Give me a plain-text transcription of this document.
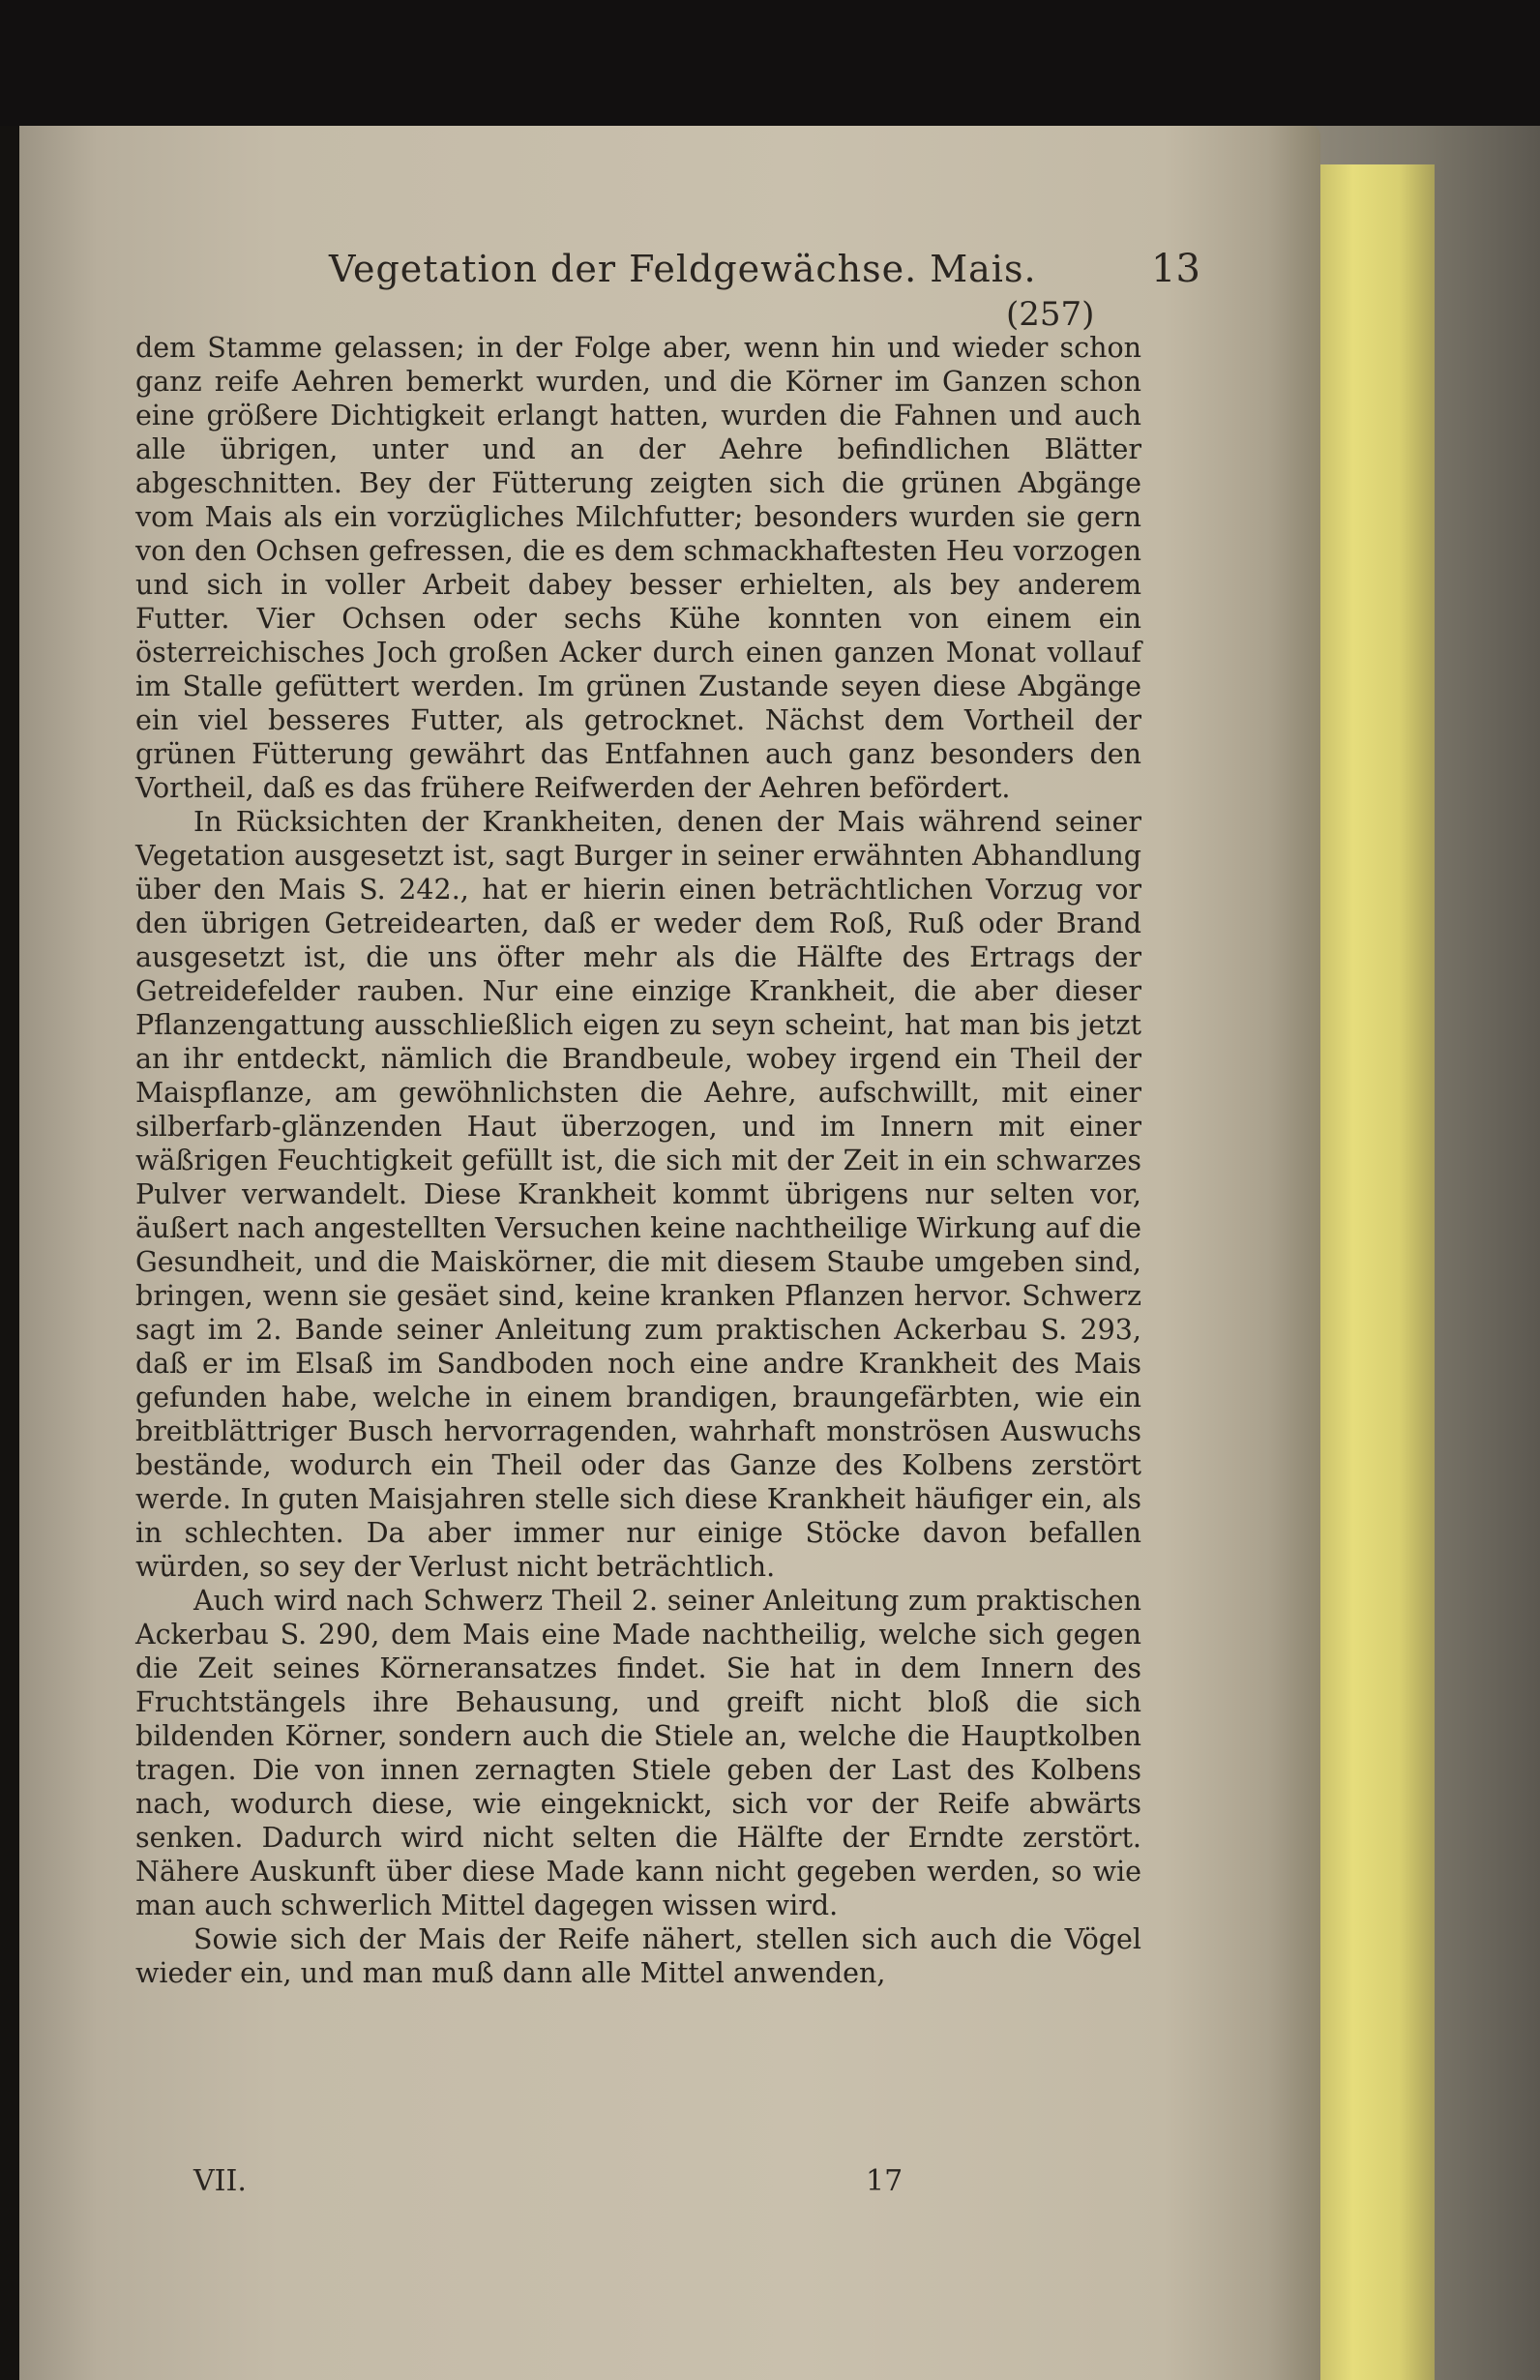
Vegetation der Feldgewächse. Mais.	13
(257)

dem Stamme gelassen; in der Folge aber, wenn hin und wieder schon ganz reife Aehren bemerkt wurden, und die Körner im Ganzen schon eine größere Dichtigkeit erlangt hatten, wurden die Fahnen und auch alle übrigen, unter und an der Aehre befindlichen Blätter abgeschnitten. Bey der Fütterung zeigten sich die grünen Abgänge vom Mais als ein vorzügliches Milchfutter; besonders wurden sie gern von den Ochsen gefressen, die es dem schmackhaftesten Heu vorzogen und sich in voller Arbeit dabey besser erhielten, als bey anderem Futter. Vier Ochsen oder sechs Kühe konnten von einem ein österreichisches Joch großen Acker durch einen ganzen Monat vollauf im Stalle gefüttert werden. Im grünen Zustande seyen diese Abgänge ein viel besseres Futter, als getrocknet. Nächst dem Vortheil der grünen Fütterung gewährt das Entfahnen auch ganz besonders den Vortheil, daß es das frühere Reifwerden der Aehren befördert.

In Rücksichten der Krankheiten, denen der Mais während seiner Vegetation ausgesetzt ist, sagt Burger in seiner erwähnten Abhandlung über den Mais S. 242., hat er hierin einen beträchtlichen Vorzug vor den übrigen Getreidearten, daß er weder dem Roß, Ruß oder Brand ausgesetzt ist, die uns öfter mehr als die Hälfte des Ertrags der Getreidefelder rauben. Nur eine einzige Krankheit, die aber dieser Pflanzengattung ausschließlich eigen zu seyn scheint, hat man bis jetzt an ihr entdeckt, nämlich die Brandbeule, wobey irgend ein Theil der Maispflanze, am gewöhnlichsten die Aehre, aufschwillt, mit einer silberfarb-glänzenden Haut überzogen, und im Innern mit einer wäßrigen Feuchtigkeit gefüllt ist, die sich mit der Zeit in ein schwarzes Pulver verwandelt. Diese Krankheit kommt übrigens nur selten vor, äußert nach angestellten Versuchen keine nachtheilige Wirkung auf die Gesundheit, und die Maiskörner, die mit diesem Staube umgeben sind, bringen, wenn sie gesäet sind, keine kranken Pflanzen hervor. Schwerz sagt im 2. Bande seiner Anleitung zum praktischen Ackerbau S. 293, daß er im Elsaß im Sandboden noch eine andre Krankheit des Mais gefunden habe, welche in einem brandigen, braungefärbten, wie ein breitblättriger Busch hervorragenden, wahrhaft monströsen Auswuchs bestände, wodurch ein Theil oder das Ganze des Kolbens zerstört werde. In guten Maisjahren stelle sich diese Krankheit häufiger ein, als in schlechten. Da aber immer nur einige Stöcke davon befallen würden, so sey der Verlust nicht beträchtlich.

Auch wird nach Schwerz Theil 2. seiner Anleitung zum praktischen Ackerbau S. 290, dem Mais eine Made nachtheilig, welche sich gegen die Zeit seines Körneransatzes findet. Sie hat in dem Innern des Fruchtstängels ihre Behausung, und greift nicht bloß die sich bildenden Körner, sondern auch die Stiele an, welche die Hauptkolben tragen. Die von innen zernagten Stiele geben der Last des Kolbens nach, wodurch diese, wie eingeknickt, sich vor der Reife abwärts senken. Dadurch wird nicht selten die Hälfte der Erndte zerstört. Nähere Auskunft über diese Made kann nicht gegeben werden, so wie man auch schwerlich Mittel dagegen wissen wird.

Sowie sich der Mais der Reife nähert, stellen sich auch die Vögel wieder ein, und man muß dann alle Mittel anwenden,

VII.	17
